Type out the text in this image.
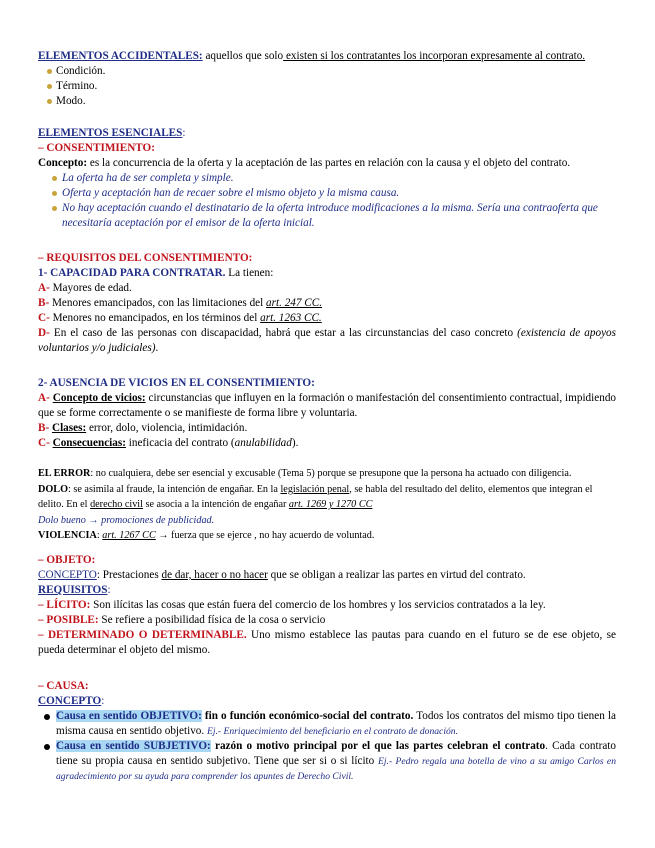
ELEMENTOS ACCIDENTALES: aquellos que solo existen si los contratantes los incorporan expresamente al contrato.
Condición.
Término.
Modo.
ELEMENTOS ESENCIALES:
– CONSENTIMIENTO:
Concepto: es la concurrencia de la oferta y la aceptación de las partes en relación con la causa y el objeto del contrato.
La oferta ha de ser completa y simple.
Oferta y aceptación han de recaer sobre el mismo objeto y la misma causa.
No hay aceptación cuando el destinatario de la oferta introduce modificaciones a la misma. Sería una contraoferta que necesitaría aceptación por el emisor de la oferta inicial.
– REQUISITOS DEL CONSENTIMIENTO:
1- CAPACIDAD PARA CONTRATAR. La tienen:
A- Mayores de edad.
B- Menores emancipados, con las limitaciones del art. 247 CC.
C- Menores no emancipados, en los términos del art. 1263 CC.
D- En el caso de las personas con discapacidad, habrá que estar a las circunstancias del caso concreto (existencia de apoyos voluntarios y/o judiciales).
2- AUSENCIA DE VICIOS EN EL CONSENTIMIENTO:
A- Concepto de vicios: circunstancias que influyen en la formación o manifestación del consentimiento contractual, impidiendo que se forme correctamente o se manifieste de forma libre y voluntaria.
B- Clases: error, dolo, violencia, intimidación.
C- Consecuencias: ineficacia del contrato (anulabilidad).
EL ERROR: no cualquiera, debe ser esencial y excusable (Tema 5) porque se presupone que la persona ha actuado con diligencia.
DOLO: se asimila al fraude, la intención de engañar. En la legislación penal, se habla del resultado del delito, elementos que integran el delito. En el derecho civil se asocia a la intención de engañar art. 1269 y 1270 CC
Dolo bueno → promociones de publicidad.
VIOLENCIA: art. 1267 CC → fuerza que se ejerce , no hay acuerdo de voluntad.
– OBJETO:
CONCEPTO: Prestaciones de dar, hacer o no hacer que se obligan a realizar las partes en virtud del contrato.
REQUISITOS:
– LÍCITO: Son ilícitas las cosas que están fuera del comercio de los hombres y los servicios contratados a la ley.
– POSIBLE: Se refiere a posibilidad física de la cosa o servicio
– DETERMINADO O DETERMINABLE. Uno mismo establece las pautas para cuando en el futuro se de ese objeto, se pueda determinar el objeto del mismo.
– CAUSA:
CONCEPTO:
Causa en sentido OBJETIVO: fin o función económico-social del contrato. Todos los contratos del mismo tipo tienen la misma causa en sentido objetivo. Ej.- Enriquecimiento del beneficiario en el contrato de donación.
Causa en sentido SUBJETIVO: razón o motivo principal por el que las partes celebran el contrato. Cada contrato tiene su propia causa en sentido subjetivo. Tiene que ser si o si lícito Ej.- Pedro regala una botella de vino a su amigo Carlos en agradecimiento por su ayuda para comprender los apuntes de Derecho Civil.
